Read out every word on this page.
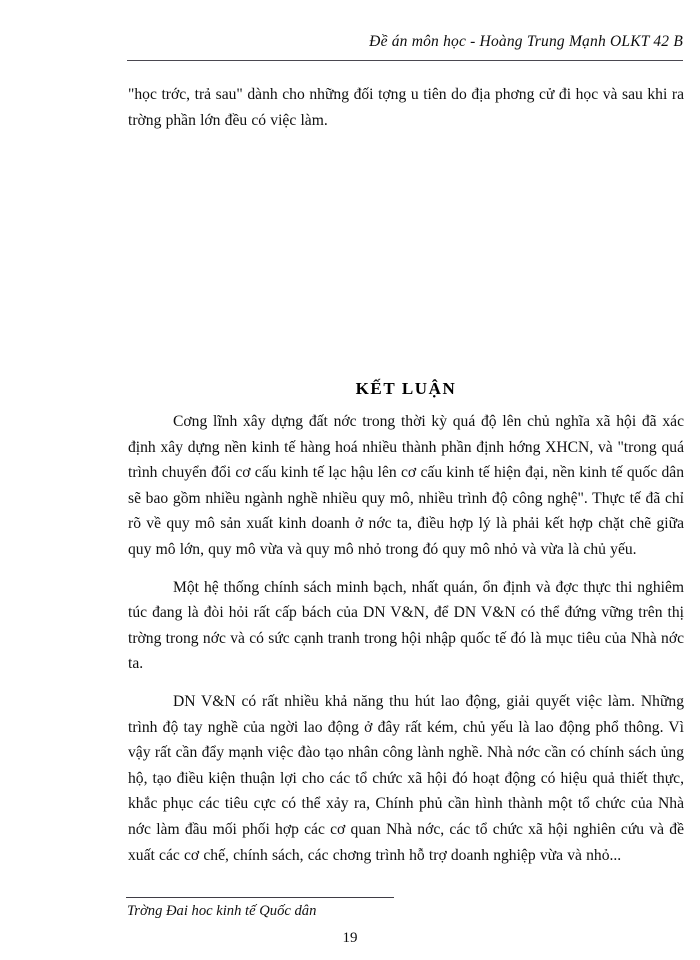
Đề án môn học - Hoàng Trung Mạnh OLKT 42 B

"học trớc, trả sau" dành cho những đối tợng u tiên do địa phơng cử đi học và sau khi ra trờng phần lớn đều có việc làm.

KẾT LUẬN

Cơng lĩnh xây dựng đất nớc trong thời kỳ quá độ lên chủ nghĩa xã hội đã xác định xây dựng nền kinh tế hàng hoá nhiều thành phần định hớng XHCN, và "trong quá trình chuyển đổi cơ cấu kinh tế lạc hậu lên cơ cấu kinh tế hiện đại, nền kinh tế quốc dân sẽ bao gồm nhiều ngành nghề nhiều quy mô, nhiều trình độ công nghệ". Thực tế đã chỉ rõ về quy mô sản xuất kinh doanh ở nớc ta, điều hợp lý là phải kết hợp chặt chẽ giữa quy mô lớn, quy mô vừa và quy mô nhỏ trong đó quy mô nhỏ và vừa là chủ yếu.

Một hệ thống chính sách minh bạch, nhất quán, ổn định và đợc thực thi nghiêm túc đang là đòi hỏi rất cấp bách của DN V&N, để DN V&N có thể đứng vững trên thị trờng trong nớc và có sức cạnh tranh trong hội nhập quốc tế đó là mục tiêu của Nhà nớc ta.

DN V&N có rất nhiều khả năng thu hút lao động, giải quyết việc làm. Những trình độ tay nghề của ngời lao động ở đây rất kém, chủ yếu là lao động phổ thông. Vì vậy rất cần đẩy mạnh việc đào tạo nhân công lành nghề. Nhà nớc cần có chính sách ủng hộ, tạo điều kiện thuận lợi cho các tổ chức xã hội đó hoạt động có hiệu quả thiết thực, khắc phục các tiêu cực có thể xảy ra, Chính phủ cần hình thành một tổ chức của Nhà nớc làm đầu mối phối hợp các cơ quan Nhà nớc, các tổ chức xã hội nghiên cứu và đề xuất các cơ chế, chính sách, các chơng trình hỗ trợ doanh nghiệp vừa và nhỏ...

Trờng Đai hoc kinh tế Quốc dân
19
